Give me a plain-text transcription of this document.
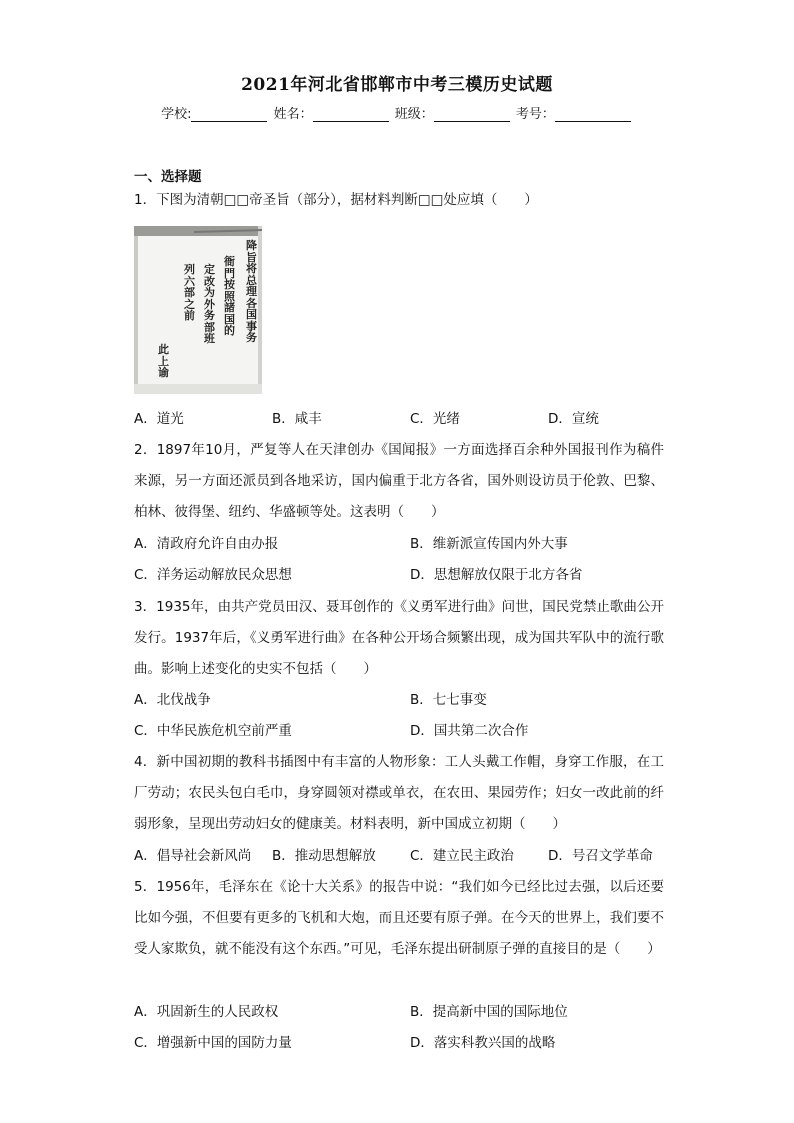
2021年河北省邯郸市中考三模历史试题
学校:	姓名：	班级：	考号：
一、选择题
1．下图为清朝□□帝圣旨（部分），据材料判断□□处应填（　　）
降旨将总理各国事务
衙門按照諸国的
定改为外务部班
列六部之前
此上谕
A．道光	B．咸丰	C．光绪	D．宣统
2．1897年10月，严复等人在天津创办《国闻报》一方面选择百余种外国报刊作为稿件来源，另一方面还派员到各地采访，国内偏重于北方各省，国外则设访员于伦敦、巴黎、柏林、彼得堡、纽约、华盛顿等处。这表明（　　）
A．清政府允许自由办报	B．维新派宣传国内外大事
C．洋务运动解放民众思想	D．思想解放仅限于北方各省
3．1935年，由共产党员田汉、聂耳创作的《义勇军进行曲》问世，国民党禁止歌曲公开发行。1937年后，《义勇军进行曲》在各种公开场合频繁出现，成为国共军队中的流行歌曲。影响上述变化的史实不包括（　　）
A．北伐战争	B．七七事变
C．中华民族危机空前严重	D．国共第二次合作
4．新中国初期的教科书插图中有丰富的人物形象：工人头戴工作帽，身穿工作服，在工厂劳动；农民头包白毛巾，身穿圆领对襟或单衣，在农田、果园劳作；妇女一改此前的纤弱形象，呈现出劳动妇女的健康美。材料表明，新中国成立初期（　　）
A．倡导社会新风尚 B．推动思想解放	C．建立民主政治	D．号召文学革命
5．1956年，毛泽东在《论十大关系》的报告中说：“我们如今已经比过去强，以后还要比如今强，不但要有更多的飞机和大炮，而且还要有原子弹。在今天的世界上，我们要不受人家欺负，就不能没有这个东西。”可见，毛泽东提出研制原子弹的直接目的是（　　）
A．巩固新生的人民政权	B．提高新中国的国际地位
C．增强新中国的国防力量	D．落实科教兴国的战略
